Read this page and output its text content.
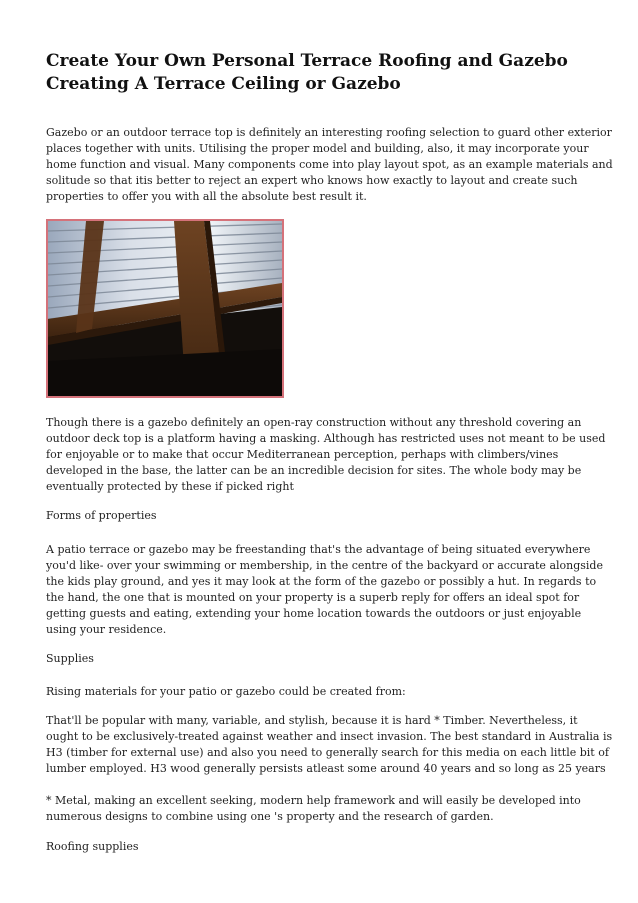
Create Your Own Personal Terrace Roofing and Gazebo
Creating A Terrace Ceiling or Gazebo

Gazebo or an outdoor terrace top is definitely an interesting roofing selection to guard other exterior
places together with units. Utilising the proper model and building, also, it may incorporate your
home function and visual. Many components come into play layout spot, as an example materials and
solitude so that itis better to reject an expert who knows how exactly to layout and create such
properties to offer you with all the absolute best result it.

Though there is a gazebo definitely an open-ray construction without any threshold covering an
outdoor deck top is a platform having a masking. Although has restricted uses not meant to be used
for enjoyable or to make that occur Mediterranean perception, perhaps with climbers/vines
developed in the base, the latter can be an incredible decision for sites. The whole body may be
eventually protected by these if picked right

Forms of properties

A patio terrace or gazebo may be freestanding that's the advantage of being situated everywhere
you'd like- over your swimming or membership, in the centre of the backyard or accurate alongside
the kids play ground, and yes it may look at the form of the gazebo or possibly a hut. In regards to
the hand, the one that is mounted on your property is a superb reply for offers an ideal spot for
getting guests and eating, extending your home location towards the outdoors or just enjoyable
using your residence.

Supplies

Rising materials for your patio or gazebo could be created from:

That'll be popular with many, variable, and stylish, because it is hard * Timber. Nevertheless, it
ought to be exclusively-treated against weather and insect invasion. The best standard in Australia is
H3 (timber for external use) and also you need to generally search for this media on each little bit of
lumber employed. H3 wood generally persists atleast some around 40 years and so long as 25 years

* Metal, making an excellent seeking, modern help framework and will easily be developed into
numerous designs to combine using one 's property and the research of garden.

Roofing supplies
